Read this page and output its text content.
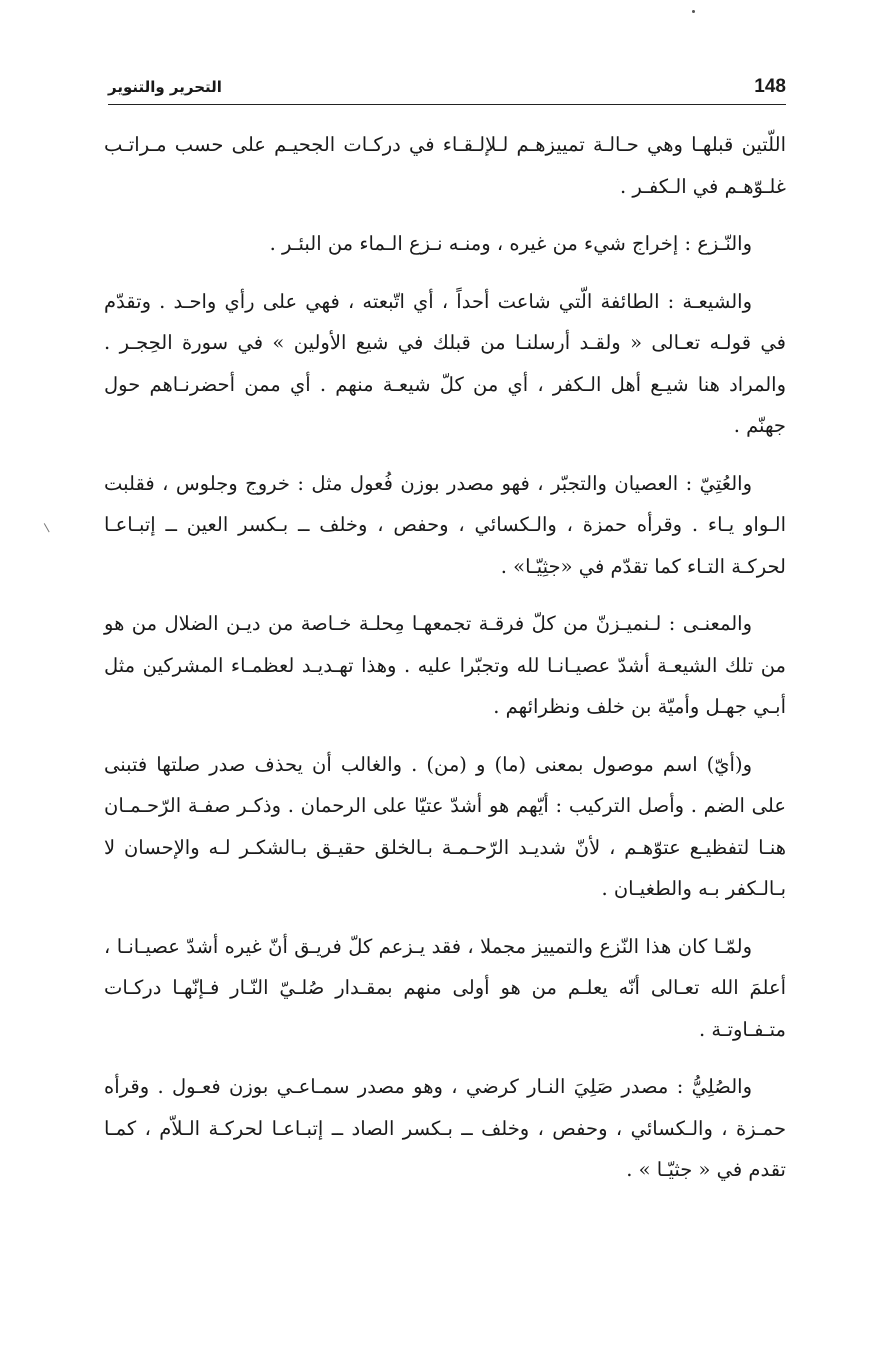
148
التحرير والتنوير

اللّتين قبلهـا وهي حـالـة تمييزهـم لـلإلـقـاء في دركـات الجحيـم على حسب مـراتـب غلـوّهـم في الـكفـر .

والنّـزع : إخراج شيء من غيره ، ومنـه نـزع الـماء من البئـر .

والشيعـة : الطائفة الّتي شاعت أحداً ، أي اتّبعته ، فهي على رأي واحـد . وتقدّم في قولـه تعـالى « ولقـد أرسلنـا من قبلك في شيع الأولين » في سورة الحِجـر . والمراد هنا شيـع أهل الـكفر ، أي من كلّ شيعـة منهم . أي ممن أحضرنـاهم حول جهنّم .

والعُتِيّ : العصيان والتجبّر ، فهو مصدر بوزن فُعول مثل : خروج وجلوس ، فقلبت الـواو يـاء . وقرأه حمزة ، والـكسائي ، وحفص ، وخلف ــ بـكسر العين ــ إتبـاعـا لحركـة التـاء كما تقدّم في «جثِيّـا» .

والمعنـى : لـنميـزنّ من كلّ فرقـة تجمعهـا مِحلـة خـاصة من ديـن الضلال من هو من تلك الشيعـة أشدّ عصيـانـا لله وتجبّرا عليه . وهذا تهـديـد لعظمـاء المشركين مثل أبـي جهـل وأميّة بن خلف ونظرائهم .

و(أيّ) اسم موصول بمعنى (ما) و (من) . والغالب أن يحذف صدر صلتها فتبنى على الضم . وأصل التركيب : أيّهم هو أشدّ عتيّا على الرحمان . وذكـر صفـة الرّحـمـان هنـا لتفظيـع عتوّهـم ، لأنّ شديـد الرّحـمـة بـالخلق حقيـق بـالشكـر لـه والإحسان لا بـالـكفر بـه والطغيـان .

ولمّـا كان هذا النّزع والتمييز مجملا ، فقد يـزعم كلّ فريـق أنّ غيره أشدّ عصيـانـا ، أعلمَ الله تعـالى أنّه يعلـم من هو أولى منهم بمقـدار صُلـيّ النّـار فـإنّهـا دركـات متـفـاوتـة .

والصُلِيُّ : مصدر صَلِيَ النـار كرضي ، وهو مصدر سمـاعـي بوزن فعـول . وقرأه حمـزة ، والـكسائي ، وحفص ، وخلف ــ بـكسر الصاد ــ إتبـاعـا لحركـة الـلاّم ، كمـا تقدم في « جثيّـا » .
